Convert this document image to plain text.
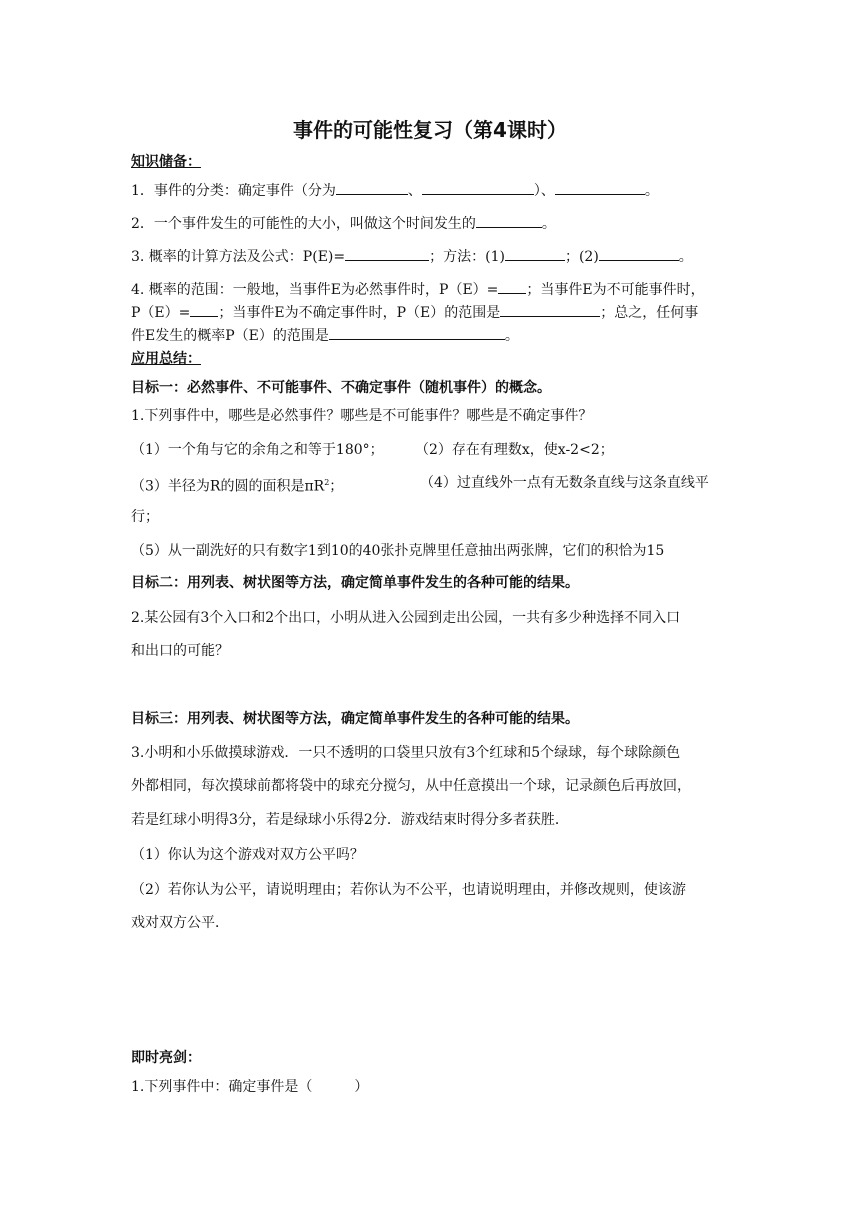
事件的可能性复习（第4课时）
知识储备：
1．事件的分类：确定事件（分为	、	）、	。
2．一个事件发生的可能性的大小，叫做这个时间发生的	。
3. 概率的计算方法及公式：P(E)=	；方法：(1)	；(2)	。
4. 概率的范围：一般地，当事件E为必然事件时，P（E）= ；当事件E为不可能事件时，
P（E）= ；当事件E为不确定事件时，P（E）的范围是	；总之，任何事
件E发生的概率P（E）的范围是	。
应用总结：
目标一：必然事件、不可能事件、不确定事件（随机事件）的概念。
1.下列事件中，哪些是必然事件？哪些是不可能事件？哪些是不确定事件？
（1）一个角与它的余角之和等于180°； （2）存在有理数x，使x-2<2；
（3）半径为R的圆的面积是$\pi R^2$；	（4）过直线外一点有无数条直线与这条直线平
行；
（5）从一副洗好的只有数字1到10的40张扑克牌里任意抽出两张牌，它们的积恰为15
目标二：用列表、树状图等方法，确定简单事件发生的各种可能的结果。
2.某公园有3个入口和2个出口，小明从进入公园到走出公园，一共有多少种选择不同入口
和出口的可能？
目标三：用列表、树状图等方法，确定简单事件发生的各种可能的结果。
3.小明和小乐做摸球游戏．一只不透明的口袋里只放有3个红球和5个绿球，每个球除颜色
外都相同，每次摸球前都将袋中的球充分搅匀，从中任意摸出一个球，记录颜色后再放回，
若是红球小明得3分，若是绿球小乐得2分．游戏结束时得分多者获胜．
（1）你认为这个游戏对双方公平吗？
（2）若你认为公平，请说明理由；若你认为不公平，也请说明理由，并修改规则，使该游
戏对双方公平．
即时亮剑：
1.下列事件中：确定事件是（　　　）
